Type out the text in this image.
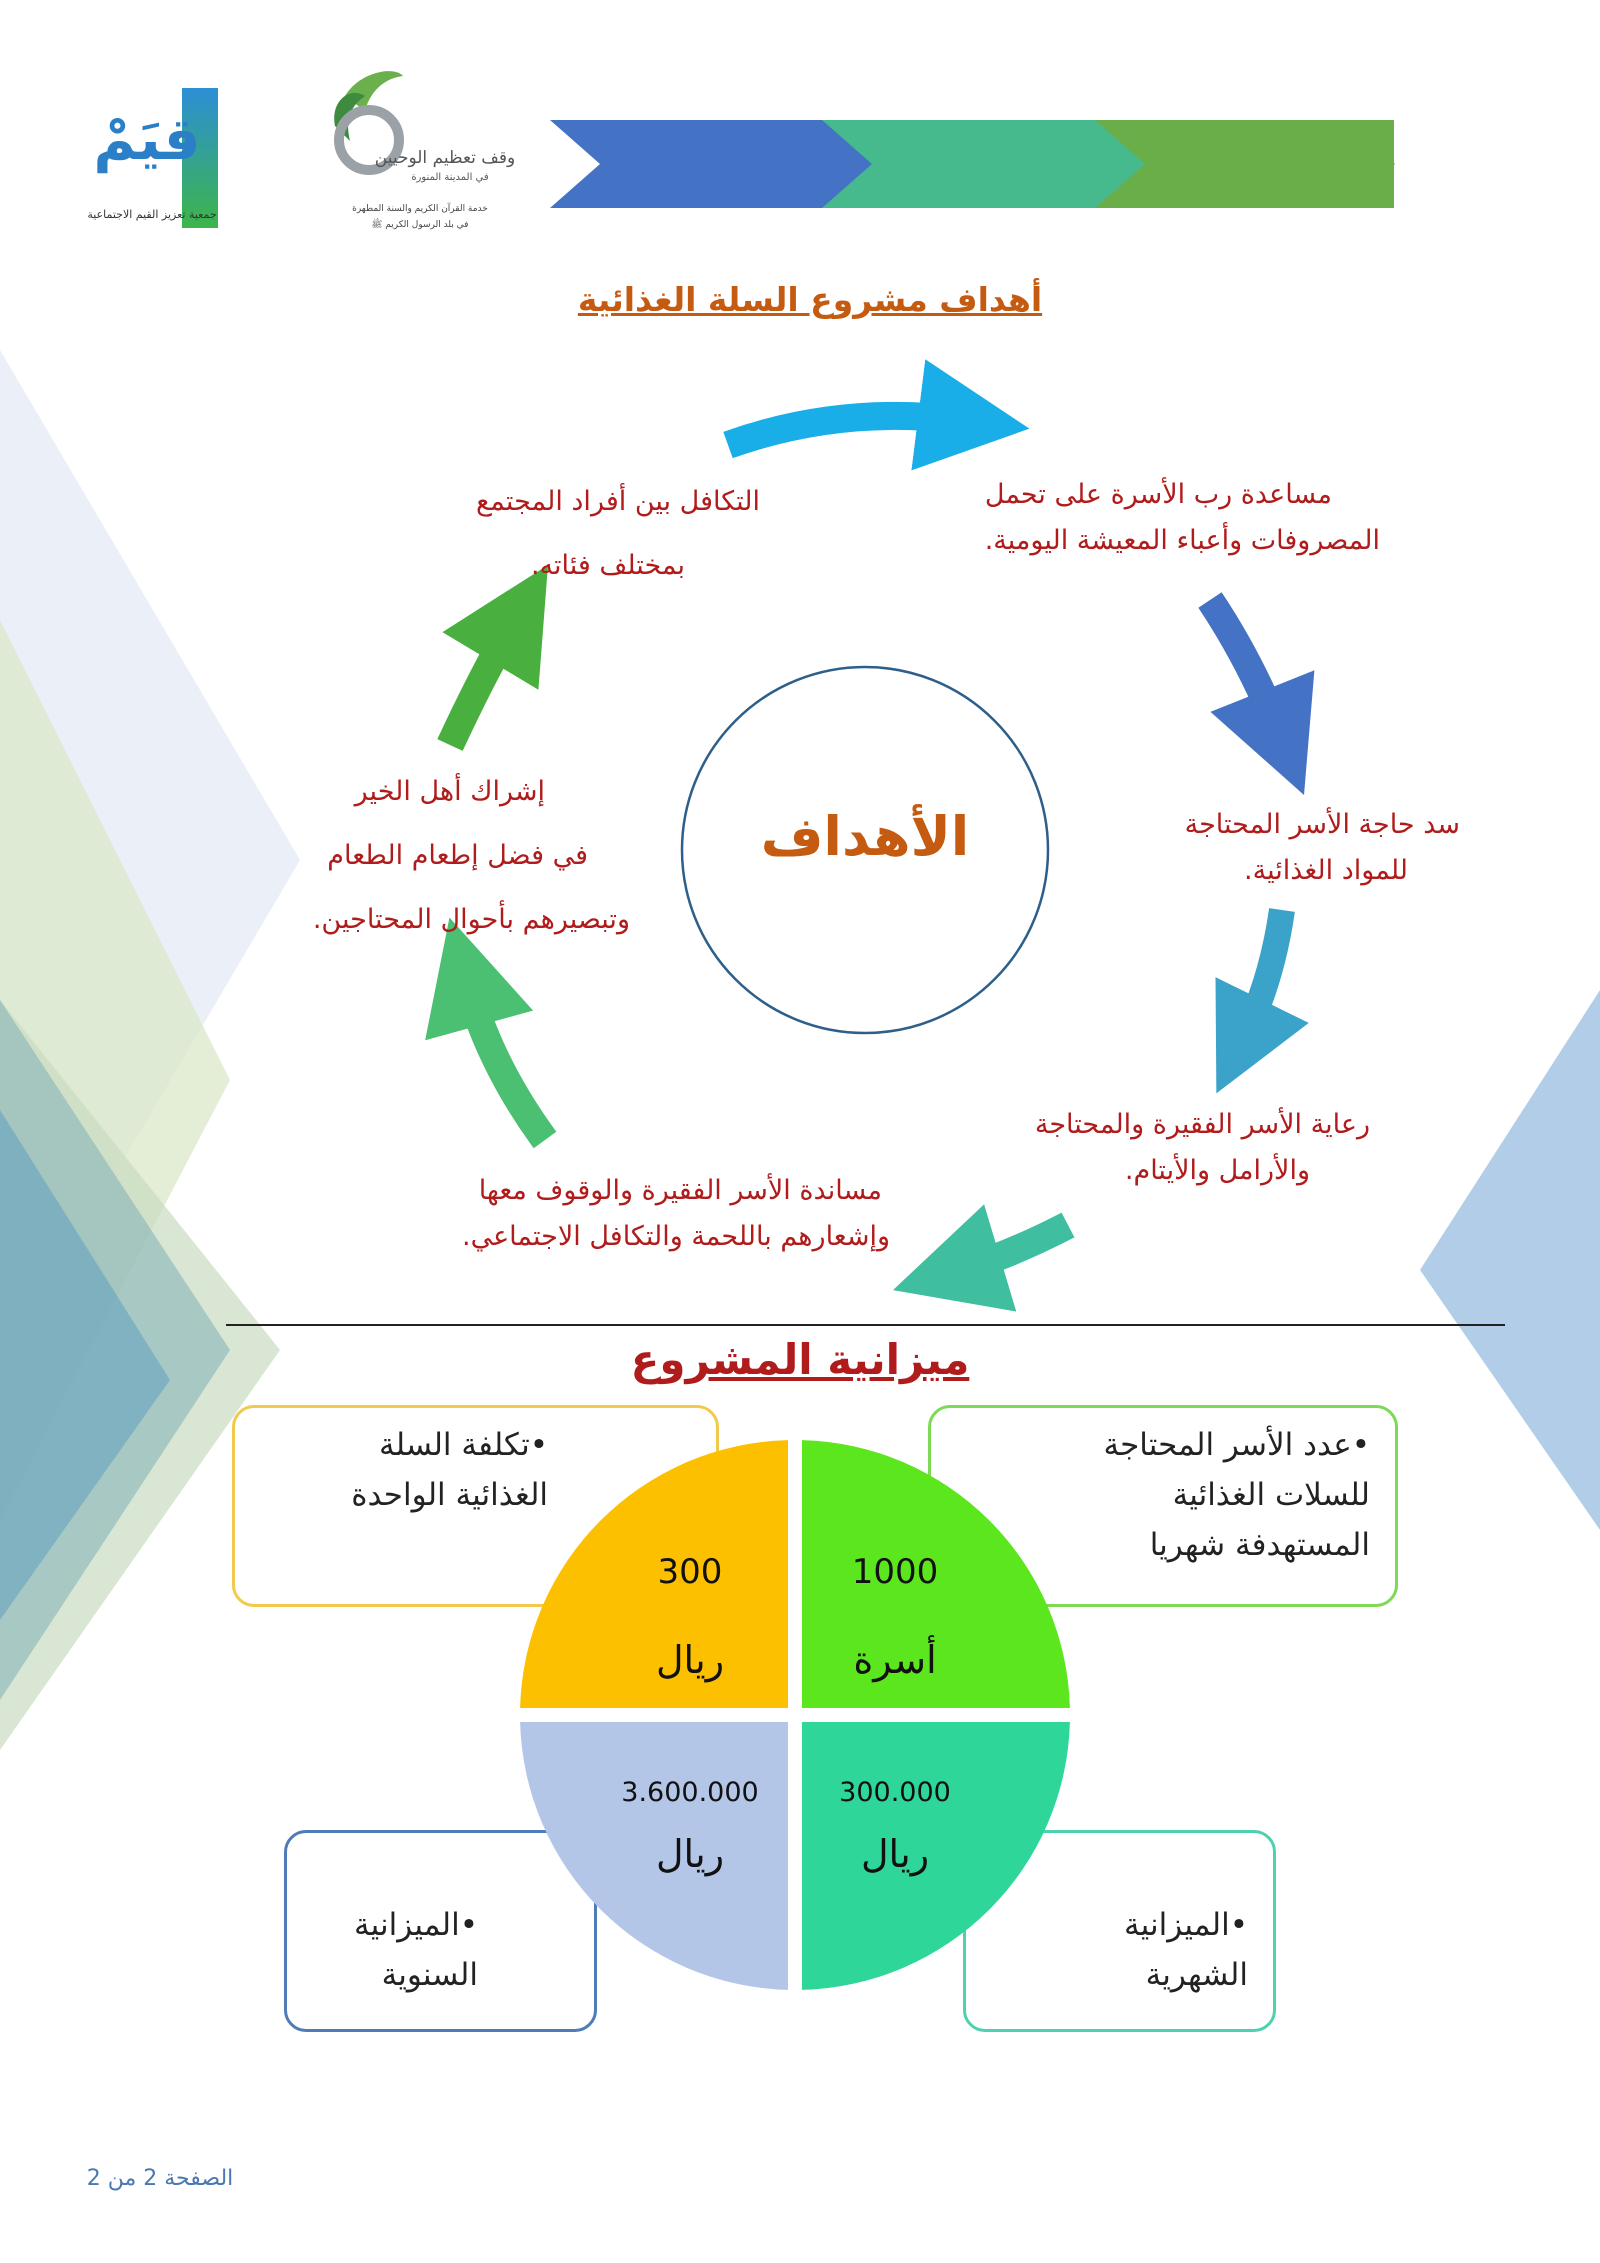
قيَمْ
جمعية تعزيز القيم الاجتماعية
وقف تعظيم الوحيين
في المدينة المنورة
خدمة القرآن الكريم والسنة المطهرة
في بلد الرسول الكريم ﷺ
أهداف مشروع السلة الغذائية
الأهداف
مساعدة رب الأسرة على تحمل
المصروفات وأعباء المعيشة اليومية.
سد حاجة الأسر المحتاجة
للمواد الغذائية.
رعاية الأسر الفقيرة والمحتاجة
والأرامل والأيتام.
مساندة الأسر الفقيرة والوقوف معها
وإشعارهم باللحمة والتكافل الاجتماعي.
إشراك أهل الخير
في فضل إطعام الطعام
وتبصيرهم بأحوال المحتاجين.
التكافل بين أفراد المجتمع
بمختلف فئاته.
ميزانية المشروع
•تكلفة السلة
الغذائية الواحدة
•عدد الأسر المحتاجة
للسلات الغذائية
المستهدفة شهريا
•الميزانية
السنوية
•الميزانية
الشهرية
300
ريال
1000
أسرة
3.600.000
ريال
300.000
ريال
الصفحة 2 من 2
